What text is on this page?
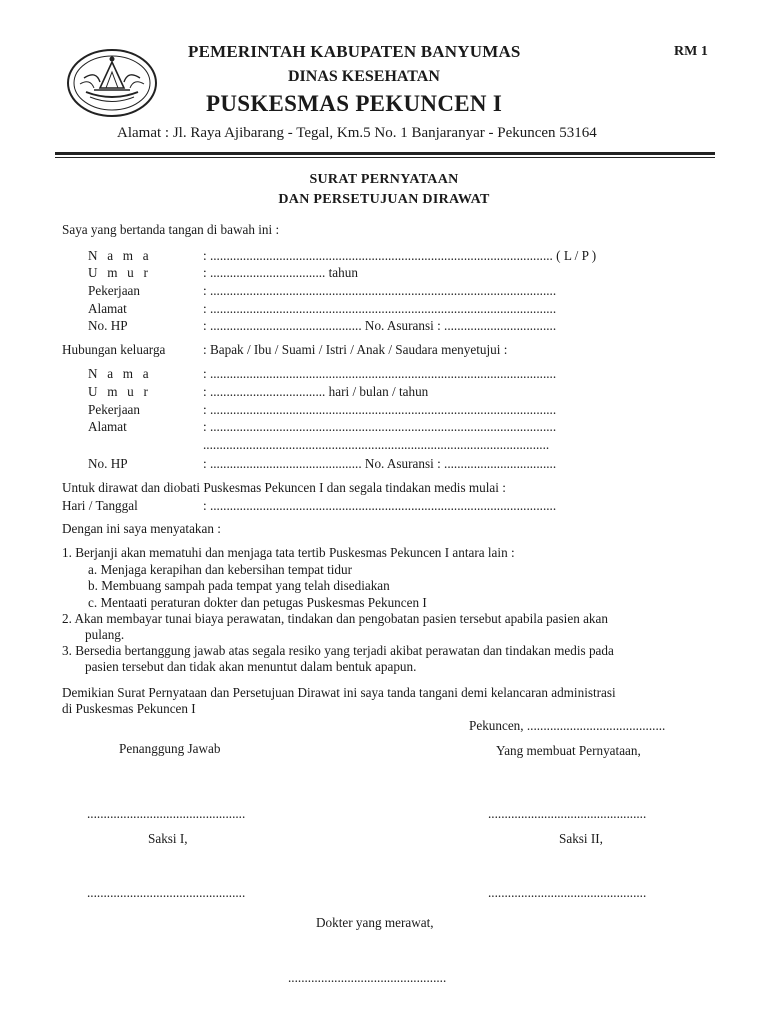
PEMERINTAH KABUPATEN BANYUMAS
DINAS KESEHATAN
PUSKESMAS PEKUNCEN I
Alamat : Jl. Raya Ajibarang - Tegal, Km.5 No. 1 Banjaranyar - Pekuncen 53164
RM 1
SURAT PERNYATAAN
DAN PERSETUJUAN DIRAWAT
Saya yang bertanda tangan di bawah ini :
N a m a	: ........................................................................................................ ( L / P )
U m u r	: ................................... tahun
Pekerjaan	: .........................................................................................................
Alamat	: .........................................................................................................
No. HP	: .............................................. No. Asuransi : ..................................
Hubungan keluarga	: Bapak / Ibu / Suami / Istri / Anak / Saudara menyetujui :
N a m a	: .........................................................................................................
U m u r	: ................................... hari / bulan / tahun
Pekerjaan	: .........................................................................................................
Alamat	: .........................................................................................................
.........................................................................................................
No. HP	: .............................................. No. Asuransi : ..................................
Untuk dirawat dan diobati Puskesmas Pekuncen I dan segala tindakan medis mulai :
Hari / Tanggal	: .........................................................................................................
Dengan ini saya menyatakan :
1. Berjanji akan mematuhi dan menjaga tata tertib Puskesmas Pekuncen I antara lain :
a. Menjaga kerapihan dan kebersihan tempat tidur
b. Membuang sampah pada tempat yang telah disediakan
c. Mentaati peraturan dokter dan petugas Puskesmas Pekuncen I
2. Akan membayar tunai biaya perawatan, tindakan dan pengobatan pasien tersebut apabila pasien akan
pulang.
3. Bersedia bertanggung jawab atas segala resiko yang terjadi akibat perawatan dan tindakan medis pada
pasien tersebut dan tidak akan menuntut dalam bentuk apapun.
Demikian Surat Pernyataan dan Persetujuan Dirawat ini saya tanda tangani demi kelancaran administrasi
di Puskesmas Pekuncen I
Pekuncen, ..........................................
Penanggung Jawab	Yang membuat Pernyataan,
................................................	................................................
Saksi I,	Saksi II,
................................................	................................................
Dokter yang merawat,
................................................
